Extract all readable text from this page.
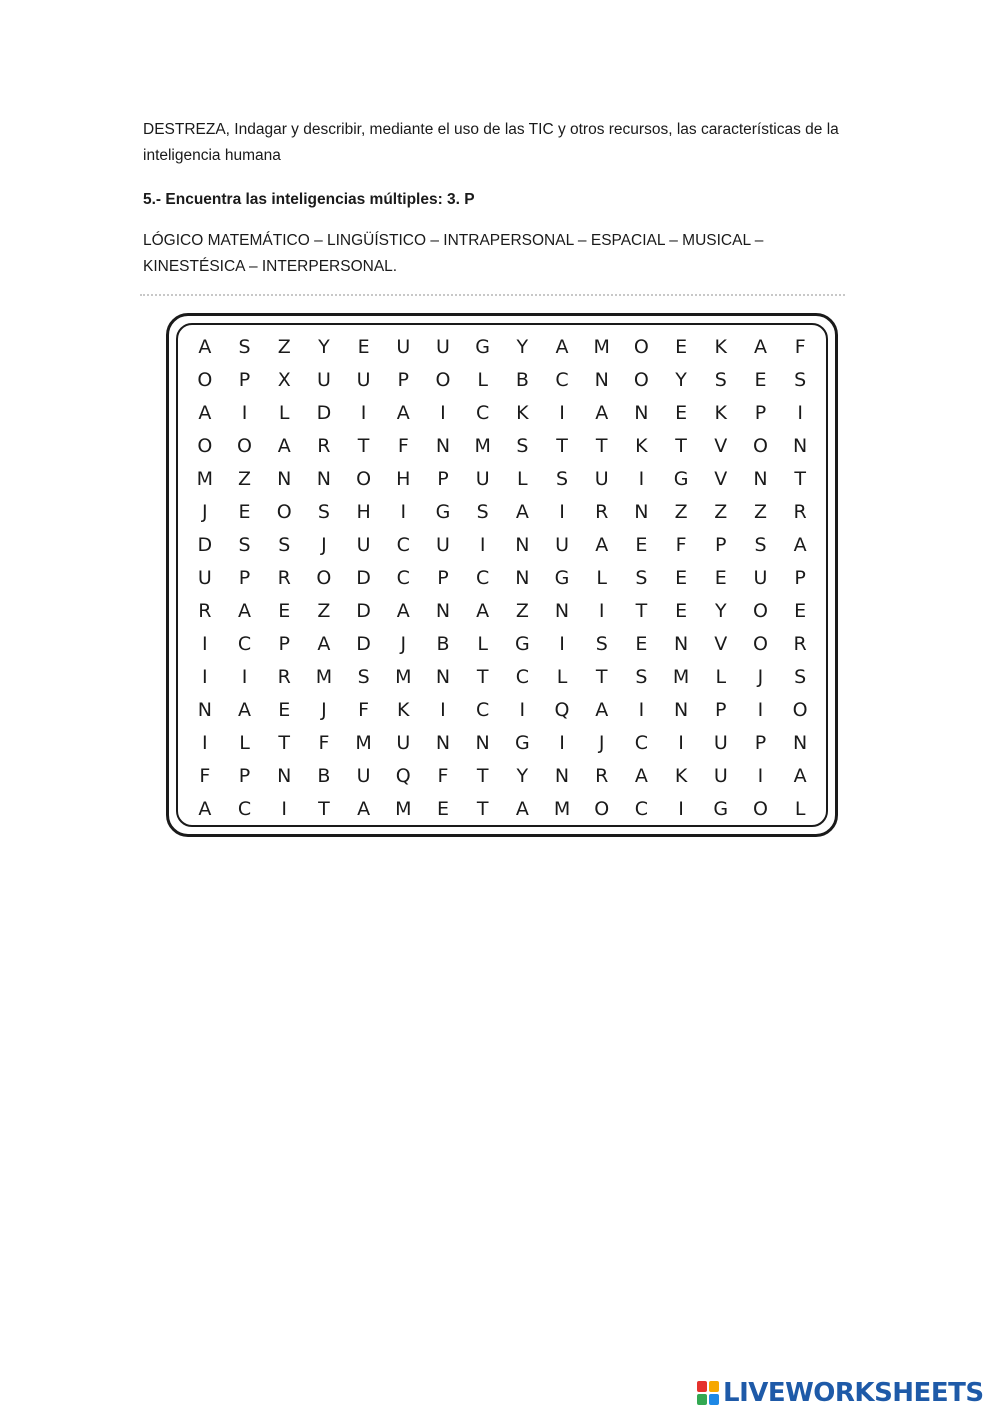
DESTREZA, Indagar y describir, mediante el uso de las TIC y otros recursos, las características de la inteligencia humana

5.- Encuentra las inteligencias múltiples: 3. P

LÓGICO MATEMÁTICO – LINGÜÍSTICO – INTRAPERSONAL – ESPACIAL – MUSICAL – KINESTÉSICA – INTERPERSONAL.

A	S	Z	Y	E	U	U	G	Y	A	M	O	E	K	A	F
O	P	X	U	U	P	O	L	B	C	N	O	Y	S	E	S
A	I	L	D	I	A	I	C	K	I	A	N	E	K	P	I
O	O	A	R	T	F	N	M	S	T	T	K	T	V	O	N
M	Z	N	N	O	H	P	U	L	S	U	I	G	V	N	T
J	E	O	S	H	I	G	S	A	I	R	N	Z	Z	Z	R
D	S	S	J	U	C	U	I	N	U	A	E	F	P	S	A
U	P	R	O	D	C	P	C	N	G	L	S	E	E	U	P
R	A	E	Z	D	A	N	A	Z	N	I	T	E	Y	O	E
I	C	P	A	D	J	B	L	G	I	S	E	N	V	O	R
I	I	R	M	S	M	N	T	C	L	T	S	M	L	J	S
N	A	E	J	F	K	I	C	I	Q	A	I	N	P	I	O
I	L	T	F	M	U	N	N	G	I	J	C	I	U	P	N
F	P	N	B	U	Q	F	T	Y	N	R	A	K	U	I	A
A	C	I	T	A	M	E	T	A	M	O	C	I	G	O	L
LIVEWORKSHEETS
